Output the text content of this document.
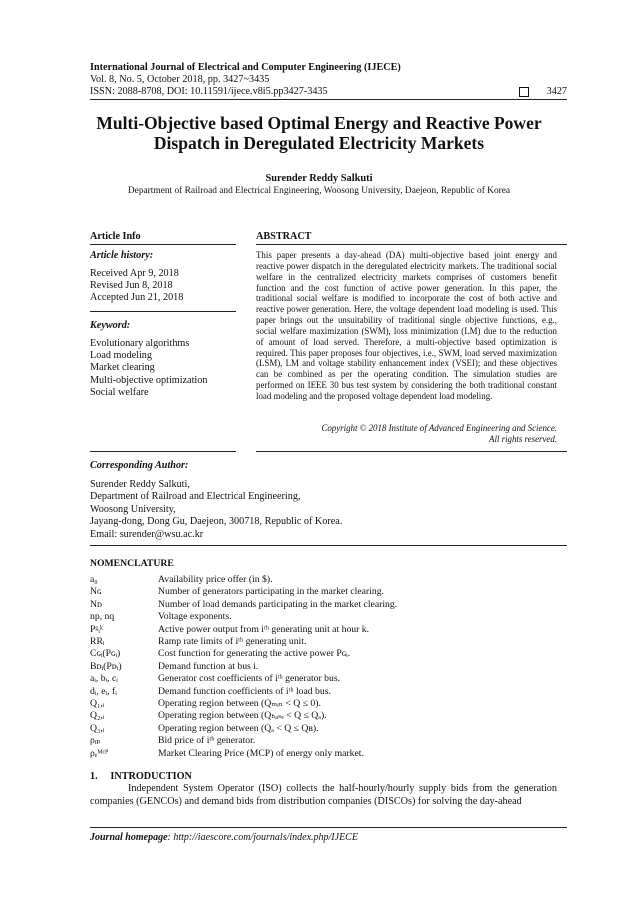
International Journal of Electrical and Computer Engineering (IJECE)
Vol. 8, No. 5, October 2018, pp. 3427~3435
ISSN: 2088-8708, DOI: 10.11591/ijece.v8i5.pp3427-3435	3427
Multi-Objective based Optimal Energy and Reactive Power
Dispatch in Deregulated Electricity Markets
Surender Reddy Salkuti
Department of Railroad and Electrical Engineering, Woosong University, Daejeon, Republic of Korea
Article Info
Article history:
Received Apr 9, 2018
Revised Jun 8, 2018
Accepted Jun 21, 2018
Keyword:
Evolutionary algorithms
Load modeling
Market clearing
Multi-objective optimization
Social welfare
ABSTRACT
This paper presents a day-ahead (DA) multi-objective based joint energy and reactive power dispatch in the deregulated electricity markets. The traditional social welfare in the centralized electricity markets comprises of customers benefit function and the cost function of active power generation. In this paper, the traditional social welfare is modified to incorporate the cost of both active and reactive power generation. Here, the voltage dependent load modeling is used. This paper brings out the unsuitability of traditional single objective functions, e.g., social welfare maximization (SWM), loss minimization (LM) due to the reduction of amount of load served. Therefore, a multi-objective based optimization is required. This paper proposes four objectives, i.e., SWM, load served maximization (LSM), LM and voltage stability enhancement index (VSEI); and these objectives can be combined as per the operating condition. The simulation studies are performed on IEEE 30 bus test system by considering the both traditional constant load modeling and the proposed voltage dependent load modeling.
Copyright © 2018 Institute of Advanced Engineering and Science.
All rights reserved.
Corresponding Author:
Surender Reddy Salkuti,
Department of Railroad and Electrical Engineering,
Woosong University,
Jayang-dong, Dong Gu, Daejeon, 300718, Republic of Korea.
Email: surender@wsu.ac.kr
NOMENCLATURE
a₀	Availability price offer (in $).
Nɢ	Number of generators participating in the market clearing.
Nᴅ	Number of load demands participating in the market clearing.
np, nq	Voltage exponents.
Pᵍᵢᵏ	Active power output from iᵗʰ generating unit at hour k.
RRᵢ	Ramp rate limits of iᵗʰ generating unit.
Cɢᵢ(Pɢᵢ)	Cost function for generating the active power Pɢᵢ.
Bᴅᵢ(Pᴅᵢ)	Demand function at bus i.
aᵢ, bᵢ, cᵢ	Generator cost coefficients of iᵗʰ generator bus.
dᵢ, eᵢ, fᵢ	Demand function coefficients of iᵗʰ load bus.
Q₁,ᵢ	Operating region between (Qₘᵢₙ < Q ≤ 0).
Q₂,ᵢ	Operating region between (Qₕₐₛₑ < Q ≤ Qₐ).
Q₃,ᵢ	Operating region between (Qₐ < Q ≤ Qʙ).
ρᵢₚ	Bid price of iᵗʰ generator.
ρₑᴹᶜᴾ	Market Clearing Price (MCP) of energy only market.
1.     INTRODUCTION
Independent System Operator (ISO) collects the half-hourly/hourly supply bids from the generation companies (GENCOs) and demand bids from distribution companies (DISCOs) for solving the day-ahead
Journal homepage: http://iaescore.com/journals/index.php/IJECE
